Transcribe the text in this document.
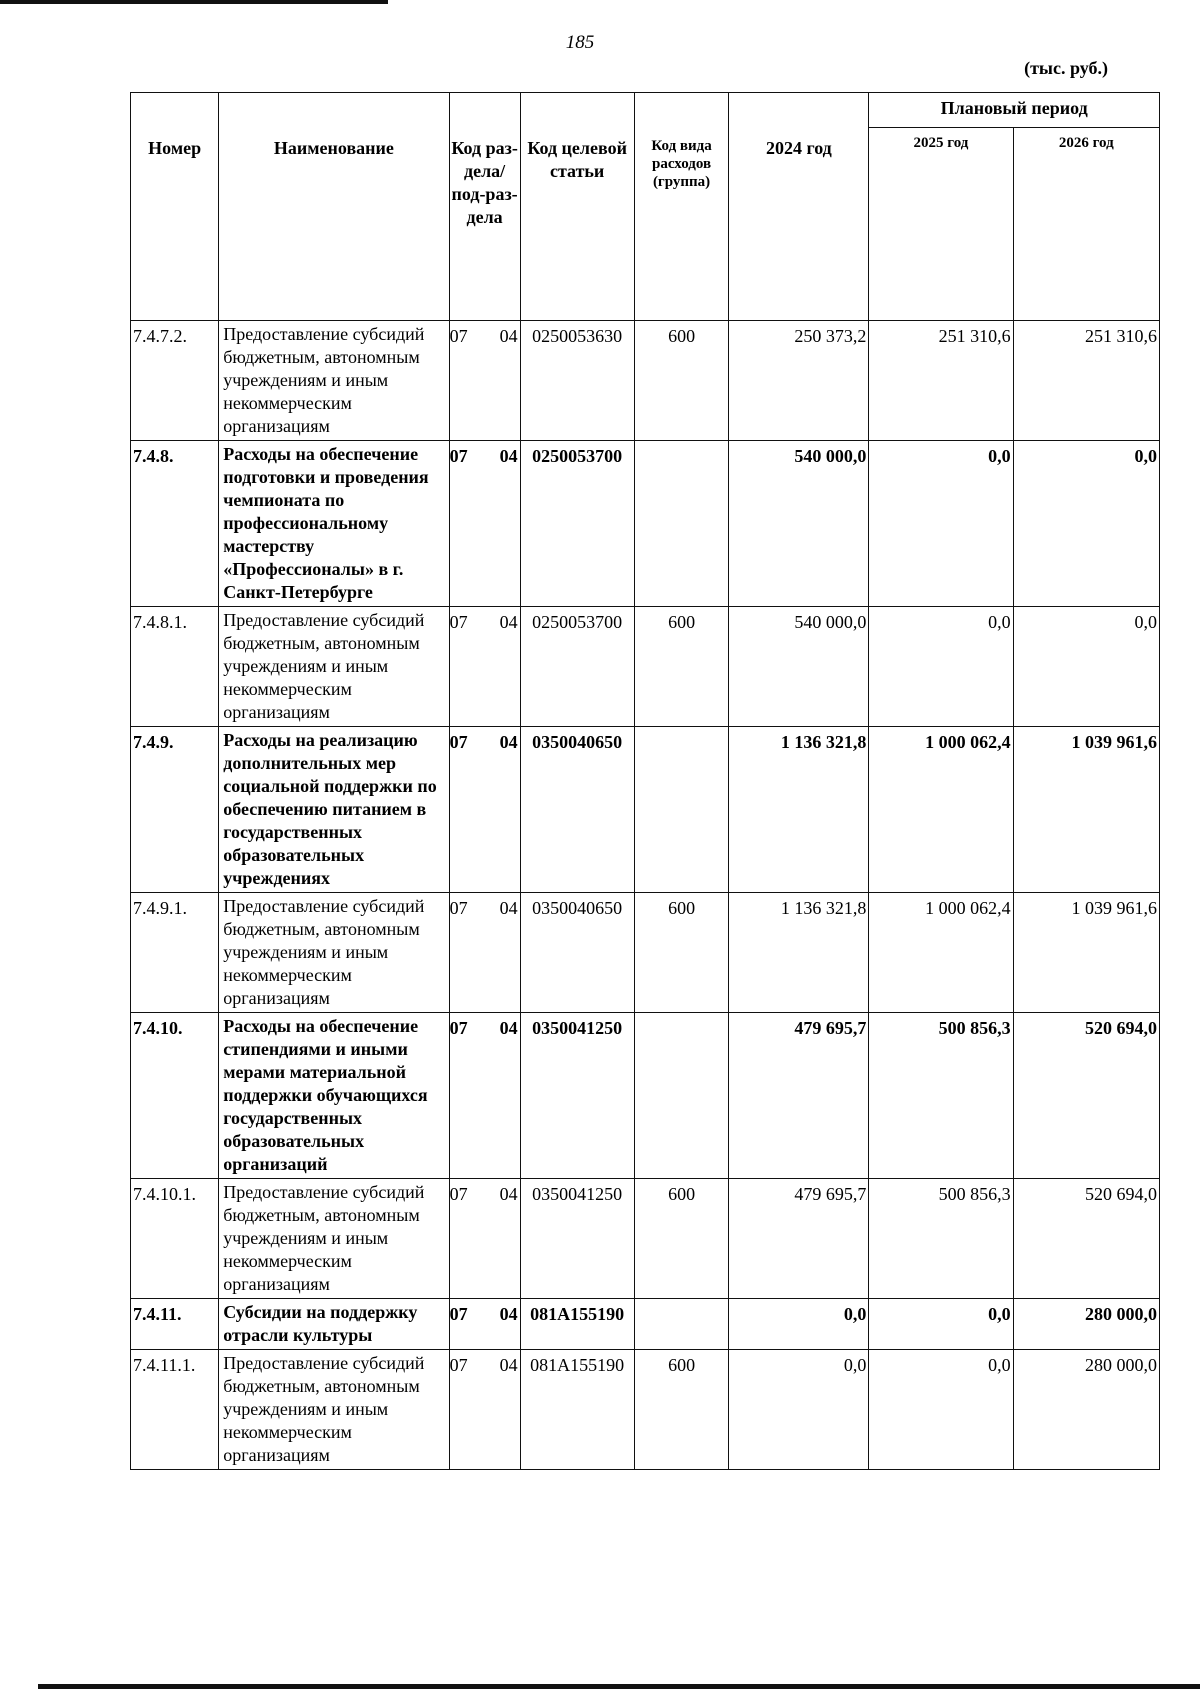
185
(тыс. руб.)
Номер	Наименование	Код раз-дела/ под-раз-дела	Код целевой статьи	Код вида расходов (группа)	2024 год	Плановый период	
						2025 год	2026 год
7.4.7.2.	Предоставление субсидий бюджетным, автономным учреждениям и иным некоммерческим организациям	07 04	0250053630	600	250 373,2	251 310,6	251 310,6
7.4.8.	Расходы на обеспечение подготовки и проведения чемпионата по профессиональному мастерству «Профессионалы» в г. Санкт-Петербурге	07 04	0250053700		540 000,0	0,0	0,0
7.4.8.1.	Предоставление субсидий бюджетным, автономным учреждениям и иным некоммерческим организациям	07 04	0250053700	600	540 000,0	0,0	0,0
7.4.9.	Расходы на реализацию дополнительных мер социальной поддержки по обеспечению питанием в государственных образовательных учреждениях	07 04	0350040650		1 136 321,8	1 000 062,4	1 039 961,6
7.4.9.1.	Предоставление субсидий бюджетным, автономным учреждениям и иным некоммерческим организациям	07 04	0350040650	600	1 136 321,8	1 000 062,4	1 039 961,6
7.4.10.	Расходы на обеспечение стипендиями и иными мерами материальной поддержки обучающихся государственных образовательных организаций	07 04	0350041250		479 695,7	500 856,3	520 694,0
7.4.10.1.	Предоставление субсидий бюджетным, автономным учреждениям и иным некоммерческим организациям	07 04	0350041250	600	479 695,7	500 856,3	520 694,0
7.4.11.	Субсидии на поддержку отрасли культуры	07 04	081A155190		0,0	0,0	280 000,0
7.4.11.1.	Предоставление субсидий бюджетным, автономным учреждениям и иным некоммерческим организациям	07 04	081A155190	600	0,0	0,0	280 000,0
